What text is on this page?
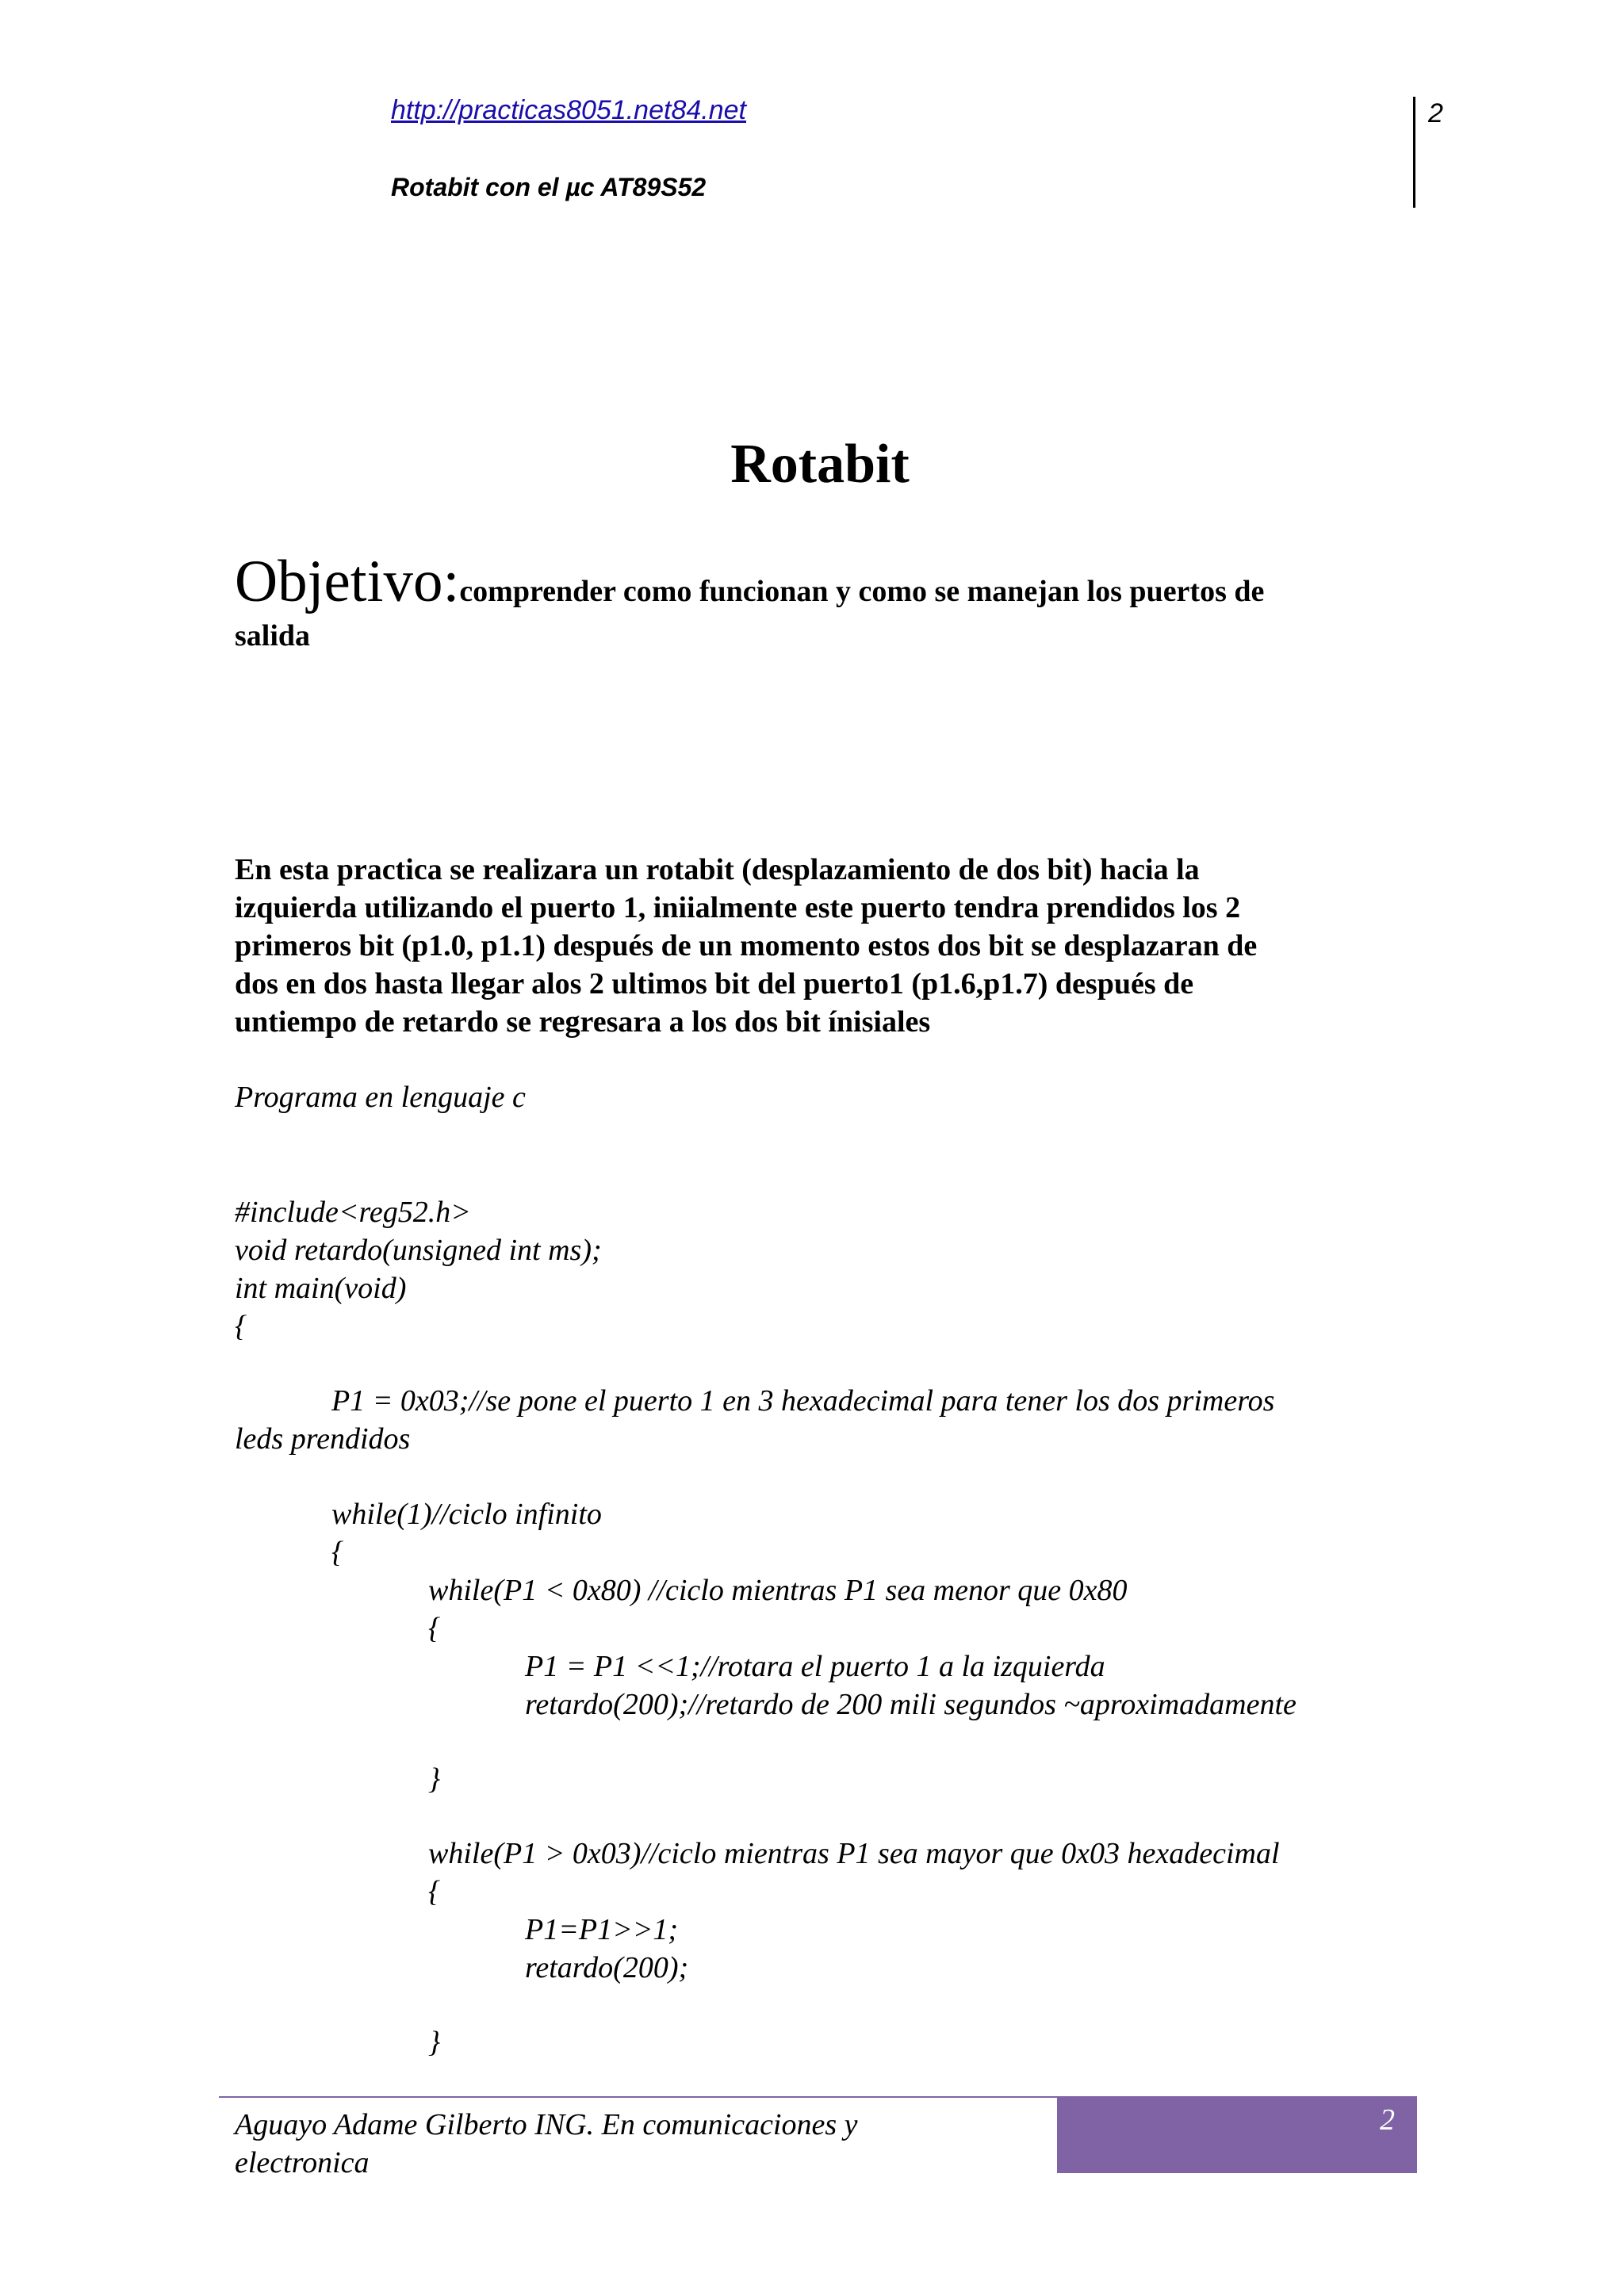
http://practicas8051.net84.net
Rotabit con el µc AT89S52
2
Rotabit
Objetivo:comprender como funcionan y como se manejan los puertos de
salida
En esta practica se realizara un rotabit (desplazamiento de dos bit) hacia la
izquierda utilizando el puerto 1, iniialmente este puerto tendra prendidos los 2
primeros bit (p1.0, p1.1) después de un momento estos dos bit se desplazaran de
dos en dos hasta llegar alos 2 ultimos bit del puerto1 (p1.6,p1.7) después de
untiempo de retardo se regresara a los dos bit ínisiales
Programa en lenguaje c
#include<reg52.h>
void retardo(unsigned int ms);
int main(void)
{
P1 = 0x03;//se pone el puerto 1 en 3 hexadecimal para tener los dos primeros
leds prendidos
while(1)//ciclo infinito
{
while(P1 < 0x80) //ciclo mientras P1 sea menor que 0x80
{
P1 = P1 <<1;//rotara el puerto 1 a la izquierda
retardo(200);//retardo de 200 mili segundos ~aproximadamente
}
while(P1 > 0x03)//ciclo mientras P1 sea mayor que 0x03 hexadecimal
{
P1=P1>>1;
retardo(200);
}
Aguayo Adame Gilberto ING. En comunicaciones y
electronica
2
